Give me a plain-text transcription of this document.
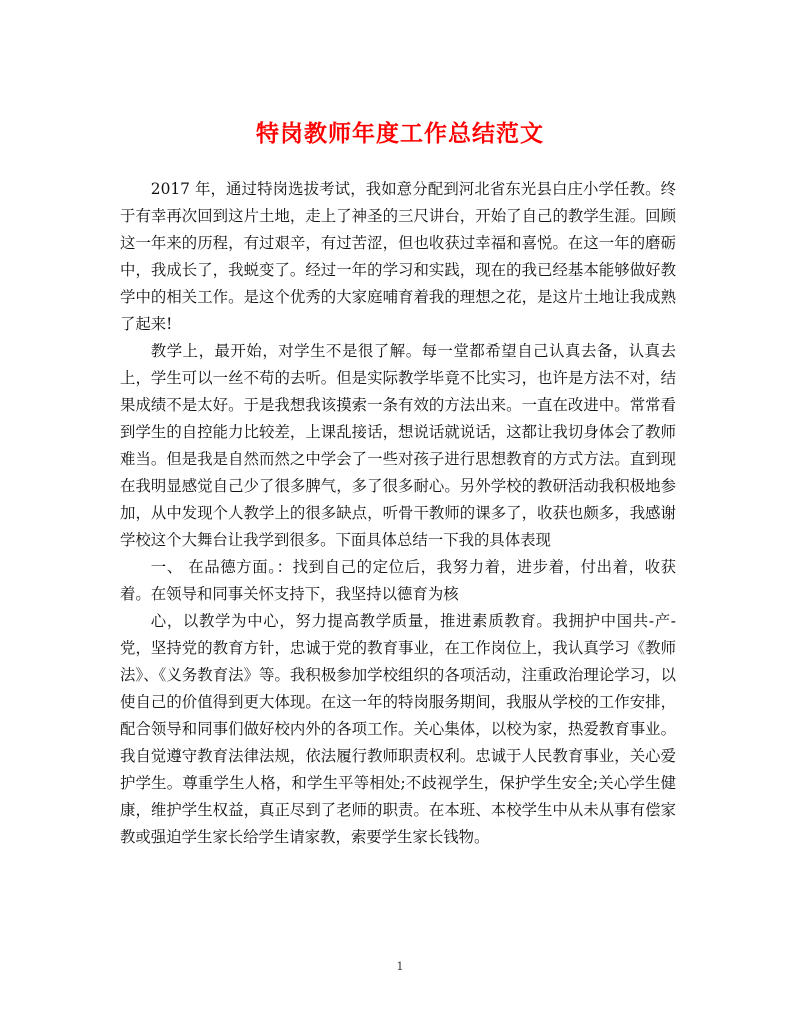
特岗教师年度工作总结范文

2017 年，通过特岗选拔考试，我如意分配到河北省东光县白庄小学任教。终于有幸再次回到这片土地，走上了神圣的三尺讲台，开始了自己的教学生涯。回顾这一年来的历程，有过艰辛，有过苦涩，但也收获过幸福和喜悦。在这一年的磨砺中，我成长了，我蜕变了。经过一年的学习和实践，现在的我已经基本能够做好教学中的相关工作。是这个优秀的大家庭哺育着我的理想之花，是这片土地让我成熟了起来!

教学上，最开始，对学生不是很了解。每一堂都希望自己认真去备，认真去上，学生可以一丝不苟的去听。但是实际教学毕竟不比实习，也许是方法不对，结果成绩不是太好。于是我想我该摸索一条有效的方法出来。一直在改进中。常常看到学生的自控能力比较差，上课乱接话，想说话就说话，这都让我切身体会了教师难当。但是我是自然而然之中学会了一些对孩子进行思想教育的方式方法。直到现在我明显感觉自己少了很多脾气，多了很多耐心。另外学校的教研活动我积极地参加，从中发现个人教学上的很多缺点，听骨干教师的课多了，收获也颇多，我感谢学校这个大舞台让我学到很多。下面具体总结一下我的具体表现

一、 在品德方面。：找到自己的定位后，我努力着，进步着，付出着，收获着。在领导和同事关怀支持下，我坚持以德育为核

心，以教学为中心，努力提高教学质量，推进素质教育。我拥护中国共-产-党，坚持党的教育方针，忠诚于党的教育事业，在工作岗位上，我认真学习《教师法》、《义务教育法》等。我积极参加学校组织的各项活动，注重政治理论学习，以使自己的价值得到更大体现。在这一年的特岗服务期间，我服从学校的工作安排，配合领导和同事们做好校内外的各项工作。关心集体，以校为家，热爱教育事业。我自觉遵守教育法律法规，依法履行教师职责权利。忠诚于人民教育事业，关心爱护学生。尊重学生人格，和学生平等相处;不歧视学生，保护学生安全;关心学生健康，维护学生权益，真正尽到了老师的职责。在本班、本校学生中从未从事有偿家教或强迫学生家长给学生请家教，索要学生家长钱物。

1
